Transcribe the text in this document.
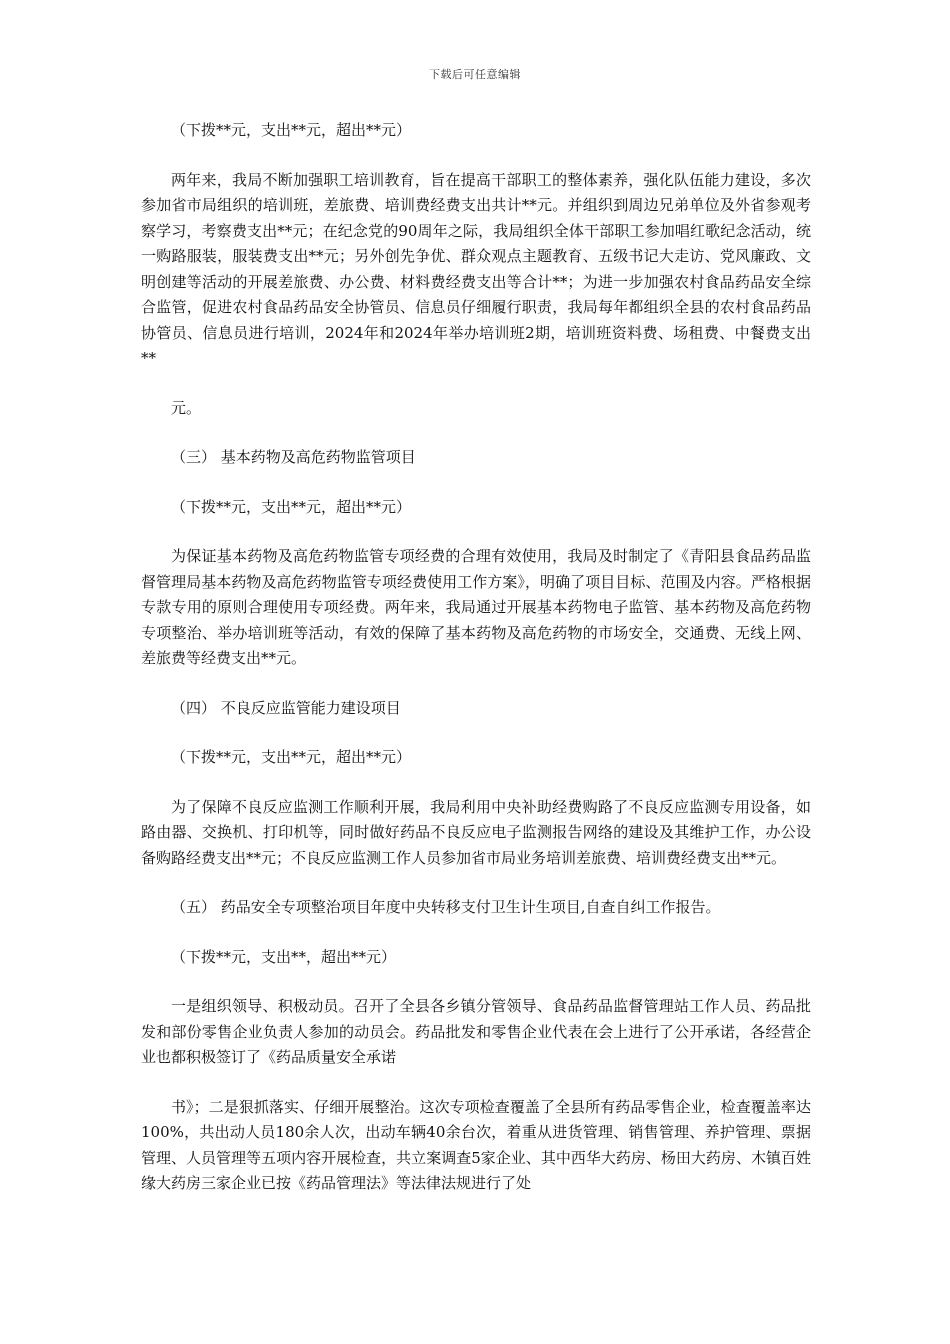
下载后可任意编辑

（下拨**元，支出**元，超出**元）

两年来，我局不断加强职工培训教育，旨在提高干部职工的整体素养，强化队伍能力建设，多次参加省市局组织的培训班，差旅费、培训费经费支出共计**元。并组织到周边兄弟单位及外省参观考察学习，考察费支出**元；在纪念党的90周年之际，我局组织全体干部职工参加唱红歌纪念活动，统一购路服装，服装费支出**元；另外创先争优、群众观点主题教育、五级书记大走访、党风廉政、文明创建等活动的开展差旅费、办公费、材料费经费支出等合计**；为进一步加强农村食品药品安全综合监管，促进农村食品药品安全协管员、信息员仔细履行职责，我局每年都组织全县的农村食品药品协管员、信息员进行培训，2024年和2024年举办培训班2期，培训班资料费、场租费、中餐费支出**

元。

（三） 基本药物及高危药物监管项目

（下拨**元，支出**元，超出**元）

为保证基本药物及高危药物监管专项经费的合理有效使用，我局及时制定了《青阳县食品药品监督管理局基本药物及高危药物监管专项经费使用工作方案》，明确了项目目标、范围及内容。严格根据专款专用的原则合理使用专项经费。两年来，我局通过开展基本药物电子监管、基本药物及高危药物专项整治、举办培训班等活动，有效的保障了基本药物及高危药物的市场安全，交通费、无线上网、差旅费等经费支出**元。

（四） 不良反应监管能力建设项目

（下拨**元，支出**元，超出**元）

为了保障不良反应监测工作顺利开展，我局利用中央补助经费购路了不良反应监测专用设备，如路由器、交换机、打印机等，同时做好药品不良反应电子监测报告网络的建设及其维护工作，办公设备购路经费支出**元；不良反应监测工作人员参加省市局业务培训差旅费、培训费经费支出**元。

（五） 药品安全专项整治项目年度中央转移支付卫生计生项目,自查自纠工作报告。

（下拨**元，支出**，超出**元）

一是组织领导、积极动员。召开了全县各乡镇分管领导、食品药品监督管理站工作人员、药品批发和部份零售企业负责人参加的动员会。药品批发和零售企业代表在会上进行了公开承诺，各经营企业也都积极签订了《药品质量安全承诺

书》；二是狠抓落实、仔细开展整治。这次专项检查覆盖了全县所有药品零售企业，检查覆盖率达100%，共出动人员180余人次，出动车辆40余台次，着重从进货管理、销售管理、养护管理、票据管理、人员管理等五项内容开展检查，共立案调查5家企业、其中西华大药房、杨田大药房、木镇百姓缘大药房三家企业已按《药品管理法》等法律法规进行了处
